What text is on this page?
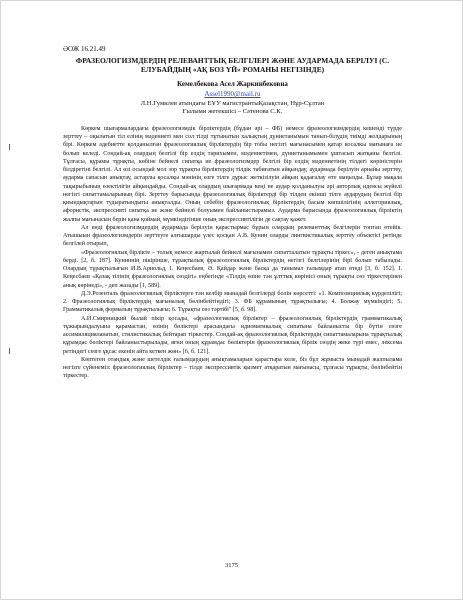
ӘОЖ 16.21.49

ФРАЗЕОЛОГИЗМДЕРДІҢ РЕЛЕВАНТТЫҚ БЕЛГІЛЕРІ ЖӘНЕ АУДАРМАДА БЕРІЛУІ (С. ЕЛУБАЙДЫҢ «АҚ БОЗ ҮЙ» РОМАНЫ НЕГІЗІНДЕ)

Кемелбекова Асел Жаркинбековна

Assel1990@mail.ru

Л.Н.Гумилев атындағы ЕҰУ магистрантыҚазақстан, Нұр-Сұлтан

Ғылыми жетекшісі – Сәтенова С.К.

Көркем шығармалардағы фразеологизмдік бірліктердің (бұдан әрі – ФБ) немесе фразеологизмдердің кешенді түрде зерттеу – оқылатын тіл елінің мәдениеті мен сол тілді тұтынатын халықтың дүниетанымын танып-білудің тиімді жолдарының бірі. Көркем әдебиетте қолданылған фразеологиялық бірліктердің бір тобы негізгі мағынасымен қатар косалкы мағынаға не болып келеді. Сондай-ақ олардың белгілі бір елдің тарихымен, мәдениетімен, дүниетанымымен ұштасып жатқаны белгілі. Тұлғасы, құрамы тұрақты, көбіне бейнелі сипатқа ие фразеологизмдер белгілі бір елдің мәдениетінің тілдегі көріністерін білдіретіні белгілі. Ал өзі осындай мол зор тұрақты бірліктердің тілдік табиғатын айқындау, аудармада берілуін арнайы зерттеу, аударма сапасын анықтау, астарлы қосалқы мәнінің өзге тілге дұрыс жеткізілуін айқын қадағалау өте маңызды. Бұлар мақала тақырыбының өзектілігін айқындайды. Сондай-ақ олардың шығармада кеңі не аудар қолданылуы әрі авторлық идеясы жүйелі негізгі сипаттамаларының бірі. Зерттеу барысында фразеологиялық бірліктерді бір тілден екінші тілге аударудың белгілі бір қиындықтарын тудыратындығы анықталды. Оның себебін фразеологиялық бірліктердің басым көпшілігінің аллегориялық, афористік, экспрессивті сипатқа ие және бейнелі болуымен байланыстырамыз. Аударма барысында фразеологиялық бірліктің жалпы мағынасын берін қана қоймай, мүмкіндігінше оның экспрессивтілігін де сақтау қажет.

Ал енді фразеологизмдердің аудармада берілуін қарастырмас бұрын олардың релеванттық белгілерін топтап өтейік. Атышыын фразеологизмдерін зерттеуге алғышарды үлес қосқан А.В. Кунин оларды лингвистикалық зерттеу объектісі ретінде белгілей отырып,

«Фразеологиялық бірлікте – толық немесе жартылай бейнелі мағынамен сипатталатын тұрақты тіркес», - деген анықтама берді. [2, б. 187]. Куниннің пікірінше, тұрақтылық фразеологиялық бірліктердің негізгі белгілерінің бірі болып табылады. Олардың тұрақтылығын И.В.Арнольд, І. Кеңесбаев, Ә. Қайдар және басқа да танымал ғалымдар атап өтеді [3, б. 152]. І. Кеңесбаев «Қазақ тілінің фразеологиялық сөздігі» еңбегінде «Тілдің өзіне тән ұлттық көрінісі оның тұрақты сөз тіркестерінен анық көрінеді», - деп жазады [1, 589].

Д.Э.Розенталь фразеологиялық бірліктерге тән келбір мынадай белгілерді болін көрсетті: «1. Композициялық күрделілігі; 2. Фразеологиялық бірліктердің мағыналық бөлінбейтіндігі; 3. ФБ құрамының тұрақтылығы; 4. Болжау мүмкіндігі; 5. Грамматикалық формалың тұрақтылығы; 6. Тұрақты сөз тәртібі" [5, б. 98].

А.И.Смирницкий былай пікір қосады, «фразеологиялық бірліктер – фразеологиялық бірліктердің грамматикалық тұжырымдалуына қарамастан, өзінің бөліктері арасындағы идиоматикалық сипатына байланысты бір бүтін сөзге ассимиляцияланатын, стилистикалық бейтарап тіркестер. Сондай-ақ фразеологиялық бірліктердің сипаттамаларына тұрақтылық құрамдас бөліктері байланыстырылады, яғни оның құрамдас бөліктерін фразеологиялық бірлік сөздің жеке түрі емес, лексема ретіндегі сөзге ұқсас екенін айта кеткен жөн» [6, б. 121].

Көптеген отандық және шетелдік ғалымдардың анықтамаларын қарастыра келе, біз бұл жұмыста мынадай жалпылама негізге сүйенеміз: фразеологиялық бірліктер – тілде экспрессивтік қызмет атқаратын мағынасы, тұлғасы тұрақты, бөлінбейтін тіркестер.

3175
